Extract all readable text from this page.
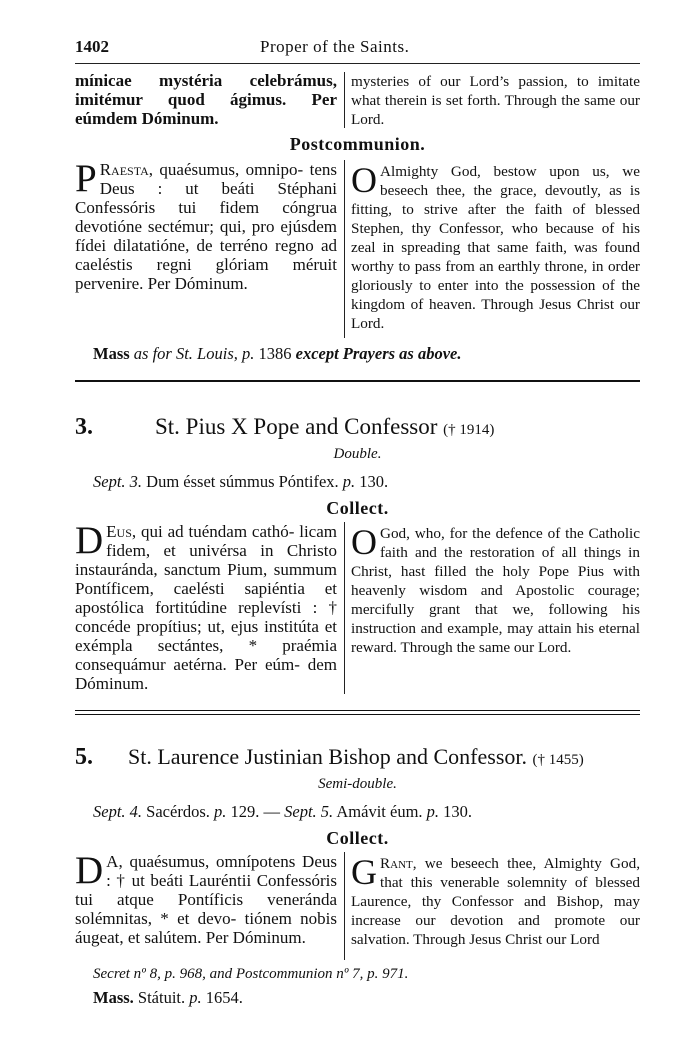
1402	Proper of the Saints.
mínicae mystéria celebrámus, imitémur quod ágimus. Per eúmdem Dóminum.
mysteries of our Lord’s passion, to imitate what therein is set forth. Through the same our Lord.
Postcommunion.
P Raesta, quaésumus, omnipo- tens Deus : ut beáti Stéphani Confessóris tui fidem cóngrua devotióne sectémur; qui, pro ejúsdem fídei dilatatióne, de terréno regno ad caeléstis regni glóriam méruit pervenire. Per Dóminum.
O Almighty God, bestow upon us, we beseech thee, the grace, devoutly, as is fitting, to strive after the faith of blessed Stephen, thy Confessor, who because of his zeal in spreading that same faith, was found worthy to pass from an earthly throne, in order gloriously to enter into the possession of the kingdom of heaven. Through Jesus Christ our Lord.
Mass as for St. Louis, p. 1386 except Prayers as above.
3.	St. Pius X Pope and Confessor († 1914)
Double.
Sept. 3. Dum ésset súmmus Póntifex. p. 130.
Collect.
D Eus, qui ad tuéndam cathó- licam fidem, et univérsa in Christo instauránda, sanctum Pium, summum Pontíficem, caelésti sapiéntia et apostólica fortitúdine replevísti : † concéde propítius; ut, ejus institúta et exémpla sectántes, * praémia consequámur aetérna. Per eúm- dem Dóminum.
O God, who, for the defence of the Catholic faith and the restoration of all things in Christ, hast filled the holy Pope Pius with heavenly wisdom and Apostolic courage; mercifully grant that we, following his instruction and example, may attain his eternal reward. Through the same our Lord.
5. St. Laurence Justinian Bishop and Confessor. († 1455)
Semi-double.
Sept. 4. Sacérdos. p. 129. — Sept. 5. Amávit éum. p. 130.
Collect.
D A, quaésumus, omnípotens Deus : † ut beáti Lauréntii Confessóris tui atque Pontíficis veneránda solémnitas, * et devo- tiónem nobis áugeat, et salútem. Per Dóminum.
G Rant, we beseech thee, Almighty God, that this venerable solemnity of blessed Laurence, thy Confessor and Bishop, may increase our devotion and promote our salvation. Through Jesus Christ our Lord
Secret nº 8, p. 968, and Postcommunion nº 7, p. 971.
Mass. Státuit. p. 1654.
